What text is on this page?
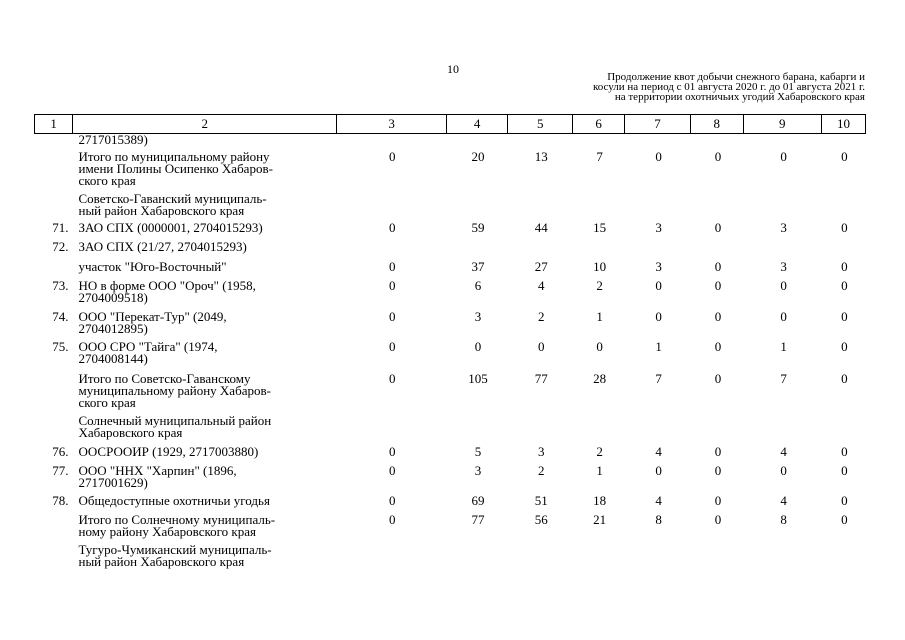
10
Продолжение квот добычи снежного барана, кабарги и
косули на период с 01 августа 2020 г. до 01 августа 2021 г.
на территории охотничьих угодий Хабаровского края
1	2	3	4	5	6	7	8	9	10
2717015389)
Итого по муниципальному району
имени Полины Осипенко Хабаров-
ского края
0	20	13	7	0	0	0	0
Советско-Гаванский муниципаль-
ный район Хабаровского края
71. ЗАО СПХ (0000001, 2704015293)	0	59	44	15	3	0	3	0
72. ЗАО СПХ (21/27, 2704015293)
участок "Юго-Восточный"	0	37	27	10	3	0	3	0
73. НО в форме ООО "Ороч" (1958,
2704009518)
0	6	4	2	0	0	0	0
74. ООО "Перекат-Тур" (2049,
2704012895)
0	3	2	1	0	0	0	0
75. ООО СРО "Тайга" (1974,
2704008144)
0	0	0	0	1	0	1	0
Итого по Советско-Гаванскому
муниципальному району Хабаров-
ского края
0	105	77	28	7	0	7	0
Солнечный муниципальный район
Хабаровского края
76. ООСРООИР (1929, 2717003880)	0	5	3	2	4	0	4	0
77. ООО "ННХ "Харпин" (1896,
2717001629)
0	3	2	1	0	0	0	0
78. Общедоступные охотничьи угодья	0	69	51	18	4	0	4	0
Итого по Солнечному муниципаль-
ному району Хабаровского края
0	77	56	21	8	0	8	0
Тугуро-Чумиканский муниципаль-
ный район Хабаровского края
